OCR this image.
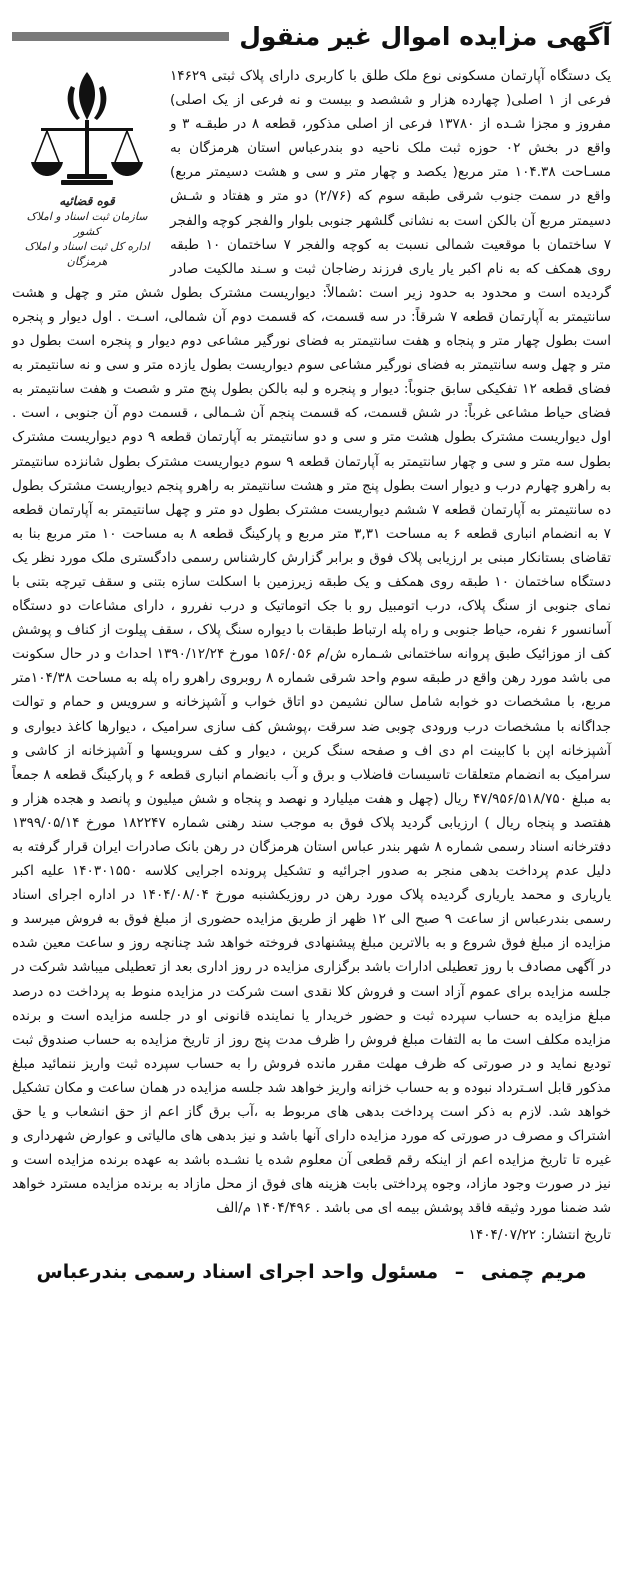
آگهی مزایده اموال غیر منقول
قوه قضائیه
سازمان ثبت اسناد و املاک کشور
اداره کل ثبت اسناد و املاک هرمزگان
یک دستگاه آپارتمان مسکونی نوع ملک طلق با کاربری دارای پلاک ثبتی ۱۴۶۲۹ فرعی از ۱ اصلی( چهارده هزار و ششصد و بیست و نه فرعی از یک اصلی) مفروز و مجزا شـده از ۱۳۷۸۰ فرعی از اصلی مذکور، قطعه ۸ در طبقـه ۳ و واقع در بخش ۰۲ حوزه ثبت ملک ناحیه دو بندرعباس استان هرمزگان به مسـاحت ۱۰۴.۳۸ متر مربع( یکصد و چهار متر و سی و هشت دسیمتر مربع) واقع در سمت جنوب شرقی طبقه سوم که (۲/۷۶) دو متر و هفتاد و شـش دسیمتر مربع آن بالکن است به نشانی گلشهر جنوبی بلوار والفجر کوچه والفجر ۷ ساختمان با موقعیت شمالی نسبت به کوچه والفجر ۷ ساختمان ۱۰ طبقه روی همکف که به نام اکبر یار یاری فرزند رضاجان ثبت و سـند مالکیت صادر گردیده است و محدود به حدود زیر است :شمالاً: دیواریست مشترک بطول شش متر و چهل و هشت سانتیمتر به آپارتمان قطعه ۷ شرقاً: در سه قسمت، که قسمت دوم آن شمالی، اسـت . اول دیوار و پنجره است بطول چهار متر و پنجاه و هفت سانتیمتر به فضای نورگیر مشاعی دوم دیوار و پنجره است بطول دو متر و چهل وسه سانتیمتر به فضای نورگیر مشاعی سوم دیواریست بطول یازده متر و سی و نه سانتیمتر به فضای قطعه ۱۲ تفکیکی سابق جنوباً: دیوار و پنجره و لبه بالکن بطول پنج متر و شصت و هفت سانتیمتر به فضای حیاط مشاعی غرباً: در شش قسمت، که قسمت پنجم آن شـمالی ، قسمت دوم آن جنوبی ، است . اول دیواریست مشترک بطول هشت متر و سی و دو سانتیمتر به آپارتمان قطعه ۹ دوم دیواریست مشترک بطول سه متر و سی و چهار سانتیمتر به آپارتمان قطعه ۹ سوم دیواریست مشترک بطول شانزده سانتیمتر به راهرو چهارم درب و دیوار است بطول پنج متر و هشت سانتیمتر به راهرو پنجم دیواریست مشترک بطول ده سانتیمتر به آپارتمان قطعه ۷ ششم دیواریست مشترک بطول دو متر و چهل سانتیمتر به آپارتمان قطعه ۷ به انضمام انباری قطعه ۶ به مساحت ۳,۳۱ متر مربع و پارکینگ قطعه ۸ به مساحت ۱۰ متر مربع بنا به تقاضای بستانکار مبنی بر ارزیابی پلاک فوق و برابر گزارش کارشناس رسمی دادگستری ملک مورد نظر یک دستگاه ساختمان ۱۰ طبقه روی همکف و یک طبقه زیرزمین با اسکلت سازه بتنی و سقف تیرچه بتنی با نمای جنوبی از سنگ پلاک، درب اتومبیل رو با جک اتوماتیک و درب نفررو ، دارای مشاعات دو دستگاه آسانسور ۶ نفره، حیاط جنوبی و راه پله ارتباط طبقات با دیواره سنگ پلاک ، سقف پیلوت از کناف و پوشش کف از موزائیک طبق پروانه ساختمانی شـماره ش/م ۱۵۶/۰۵۶ مورخ ۱۳۹۰/۱۲/۲۴ احداث و در حال سکونت می باشد مورد رهن واقع در طبقه سوم واحد شرقی شماره ۸ روبروی راهرو راه پله به مساحت ۱۰۴/۳۸متر مربع، با مشخصات دو خوابه شامل سالن نشیمن دو اتاق خواب و آشپزخانه و سرویس و حمام و توالت جداگانه با مشخصات درب ورودی چوبی ضد سرقت ،پوشش کف سازی سرامیک ، دیوارها کاغذ دیواری و آشپزخانه اپن با کابینت ام دی اف و صفحه سنگ کرین ، دیوار و کف سرویسها و آشپزخانه از کاشی و سرامیک به انضمام متعلقات تاسیسات فاضلاب و برق و آب بانضمام انباری قطعه ۶ و پارکینگ قطعه ۸ جمعاً به مبلغ ۴۷/۹۵۶/۵۱۸/۷۵۰ ریال (چهل و هفت میلیارد و نهصد و پنجاه و شش میلیون و پانصد و هجده هزار و هفتصد و پنجاه ریال ) ارزیابی گردید پلاک فوق به موجب سند رهنی شماره ۱۸۲۲۴۷ مورخ ۱۳۹۹/۰۵/۱۴ دفترخانه اسناد رسمی شماره ۸ شهر بندر عباس استان هرمزگان در رهن بانک صادرات ایران قرار گرفته به دلیل عدم پرداخت بدهی منجر به صدور اجرائیه و تشکیل پرونده اجرایی کلاسه ۱۴۰۳۰۱۵۵۰ علیه اکبر یاریاری و محمد یاریاری گردیده پلاک مورد رهن در روزیکشنبه مورخ ۱۴۰۴/۰۸/۰۴ در اداره اجرای اسناد رسمی بندرعباس از ساعت ۹ صبح الی ۱۲ ظهر از طریق مزایده حضوری از مبلغ فوق به فروش میرسد و مزایده از مبلغ فوق شروع و به بالاترین مبلغ پیشنهادی فروخته خواهد شد چنانچه روز و ساعت معین شده در آگهی مصادف با روز تعطیلی ادارات باشد برگزاری مزایده در روز اداری بعد از تعطیلی میباشد شرکت در جلسه مزایده برای عموم آزاد است و فروش کلا نقدی است شرکت در مزایده منوط به پرداخت ده درصد مبلغ مزایده به حساب سپرده ثبت و حضور خریدار یا نماینده قانونی او در جلسه مزایده است و برنده مزایده مکلف است ما به التفات مبلغ فروش را ظرف مدت پنج روز از تاریخ مزایده به حساب صندوق ثبت تودیع نماید و در صورتی که ظرف مهلت مقرر مانده فروش را به حساب سپرده ثبت واریز ننمائید مبلغ مذکور قابل اسـترداد نبوده و به حساب خزانه واریز خواهد شد جلسه مزایده در همان ساعت و مکان تشکیل خواهد شد. لازم به ذکر است پرداخت بدهی های مربوط به ،آب برق گاز اعم از حق انشعاب و یا حق اشتراک و مصرف در صورتی که مورد مزایده دارای آنها باشد و نیز بدهی های مالیاتی و عوارض شهرداری و غیره تا تاریخ مزایده اعم از اینکه رقم قطعی آن معلوم شده یا نشـده باشد به عهده برنده مزایده است و نیز در صورت وجود مازاد، وجوه پرداختی بابت هزینه های فوق از محل مازاد به برنده مزایده مسترد خواهد شد ضمنا مورد وثیقه فاقد پوشش بیمه ای می باشد . ۱۴۰۴/۴۹۶ م/الف
تاریخ انتشار: ۱۴۰۴/۰۷/۲۲
مریم چمنی – مسئول واحد اجرای اسناد رسمی بندرعباس
